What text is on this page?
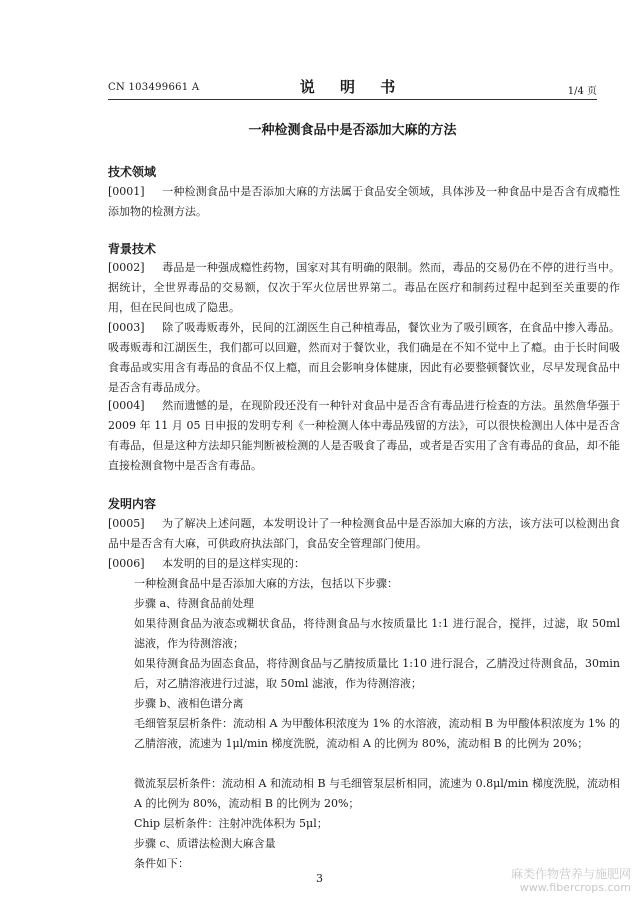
CN 103499661 A	说 明 书	1/4 页
一种检测食品中是否添加大麻的方法
技术领域
[0001] 一种检测食品中是否添加大麻的方法属于食品安全领域，具体涉及一种食品中是否含有成瘾性添加物的检测方法。
背景技术
[0002] 毒品是一种强成瘾性药物，国家对其有明确的限制。然而，毒品的交易仍在不停的进行当中。据统计，全世界毒品的交易额，仅次于军火位居世界第二。毒品在医疗和制药过程中起到至关重要的作用，但在民间也成了隐患。
[0003] 除了吸毒贩毒外，民间的江湖医生自己种植毒品，餐饮业为了吸引顾客，在食品中掺入毒品。吸毒贩毒和江湖医生，我们都可以回避，然而对于餐饮业，我们确是在不知不觉中上了瘾。由于长时间吸食毒品或实用含有毒品的食品不仅上瘾，而且会影响身体健康，因此有必要整顿餐饮业，尽早发现食品中是否含有毒品成分。
[0004] 然而遗憾的是，在现阶段还没有一种针对食品中是否含有毒品进行检查的方法。虽然詹华强于 2009 年 11 月 05 日申报的发明专利《一种检测人体中毒品残留的方法》，可以很快检测出人体中是否含有毒品，但是这种方法却只能判断被检测的人是否吸食了毒品，或者是否实用了含有毒品的食品，却不能直接检测食物中是否含有毒品。
发明内容
[0005] 为了解决上述问题，本发明设计了一种检测食品中是否添加大麻的方法，该方法可以检测出食品中是否含有大麻，可供政府执法部门，食品安全管理部门使用。
[0006] 本发明的目的是这样实现的：
一种检测食品中是否添加大麻的方法，包括以下步骤：
步骤 a、待测食品前处理
如果待测食品为液态或糊状食品，将待测食品与水按质量比 1:1 进行混合，搅拌，过滤，取 50ml 滤液，作为待测溶液；
如果待测食品为固态食品，将待测食品与乙腈按质量比 1:10 进行混合，乙腈没过待测食品，30min 后，对乙腈溶液进行过滤，取 50ml 滤液，作为待测溶液；
步骤 b、液相色谱分离
毛细管泵层析条件：流动相 A 为甲酸体积浓度为 1% 的水溶液，流动相 B 为甲酸体积浓度为 1% 的乙腈溶液，流速为 1μl/min 梯度洗脱，流动相 A 的比例为 80%，流动相 B 的比例为 20%；
微流泵层析条件：流动相 A 和流动相 B 与毛细管泵层析相同，流速为 0.8μl/min 梯度洗脱，流动相 A 的比例为 80%，流动相 B 的比例为 20%；
Chip 层析条件：注射冲洗体积为 5μl；
步骤 c、质谱法检测大麻含量
条件如下：
3	麻类作物营养与施肥网
www.fibercrops.com
